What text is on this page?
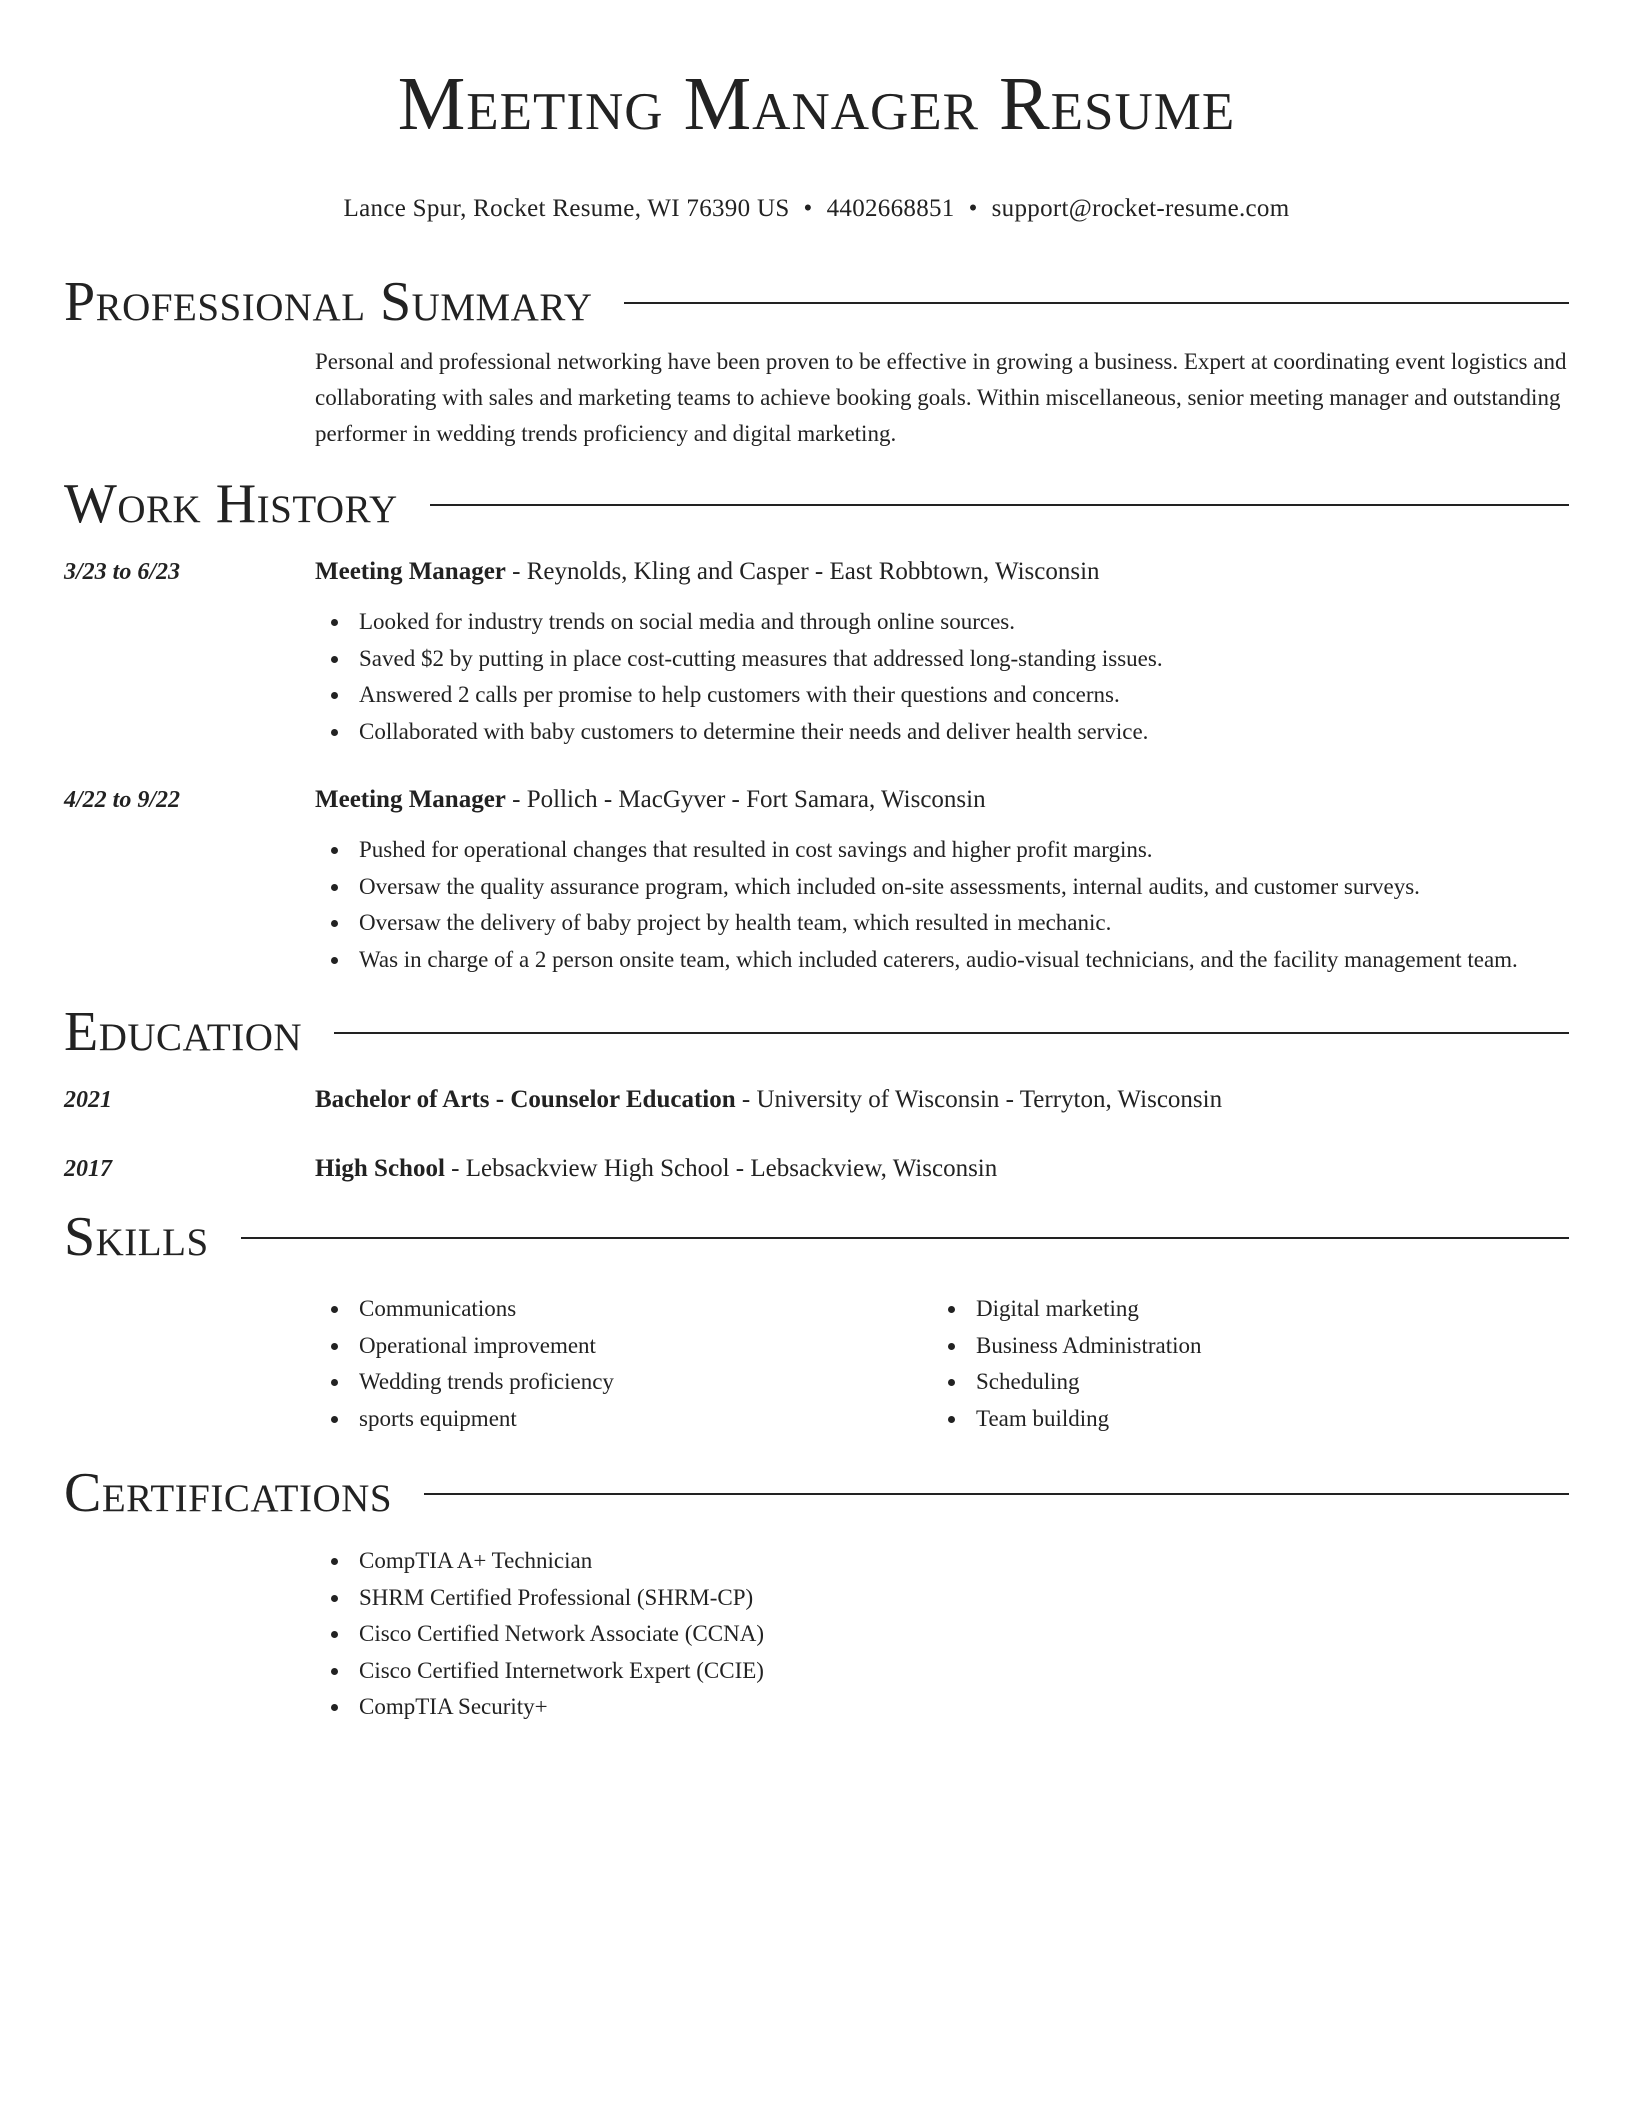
Meeting Manager Resume
Lance Spur, Rocket Resume, WI 76390 US • 4402668851 • support@rocket-resume.com
Professional Summary

Personal and professional networking have been proven to be effective in growing a business. Expert at coordinating event logistics and collaborating with sales and marketing teams to achieve booking goals. Within miscellaneous, senior meeting manager and outstanding performer in wedding trends proficiency and digital marketing.

Work History
3/23 to 6/23	Meeting Manager - Reynolds, Kling and Casper - East Robbtown, Wisconsin
Looked for industry trends on social media and through online sources.
Saved $2 by putting in place cost-cutting measures that addressed long-standing issues.
Answered 2 calls per promise to help customers with their questions and concerns.
Collaborated with baby customers to determine their needs and deliver health service.
4/22 to 9/22	Meeting Manager - Pollich - MacGyver - Fort Samara, Wisconsin
Pushed for operational changes that resulted in cost savings and higher profit margins.
Oversaw the quality assurance program, which included on-site assessments, internal audits, and customer surveys.
Oversaw the delivery of baby project by health team, which resulted in mechanic.
Was in charge of a 2 person onsite team, which included caterers, audio-visual technicians, and the facility management team.
Education
2021	Bachelor of Arts - Counselor Education - University of Wisconsin - Terryton, Wisconsin
2017	High School - Lebsackview High School - Lebsackview, Wisconsin
Skills
Communications
Operational improvement
Wedding trends proficiency
sports equipment
Digital marketing
Business Administration
Scheduling
Team building
Certifications
CompTIA A+ Technician
SHRM Certified Professional (SHRM-CP)
Cisco Certified Network Associate (CCNA)
Cisco Certified Internetwork Expert (CCIE)
CompTIA Security+
